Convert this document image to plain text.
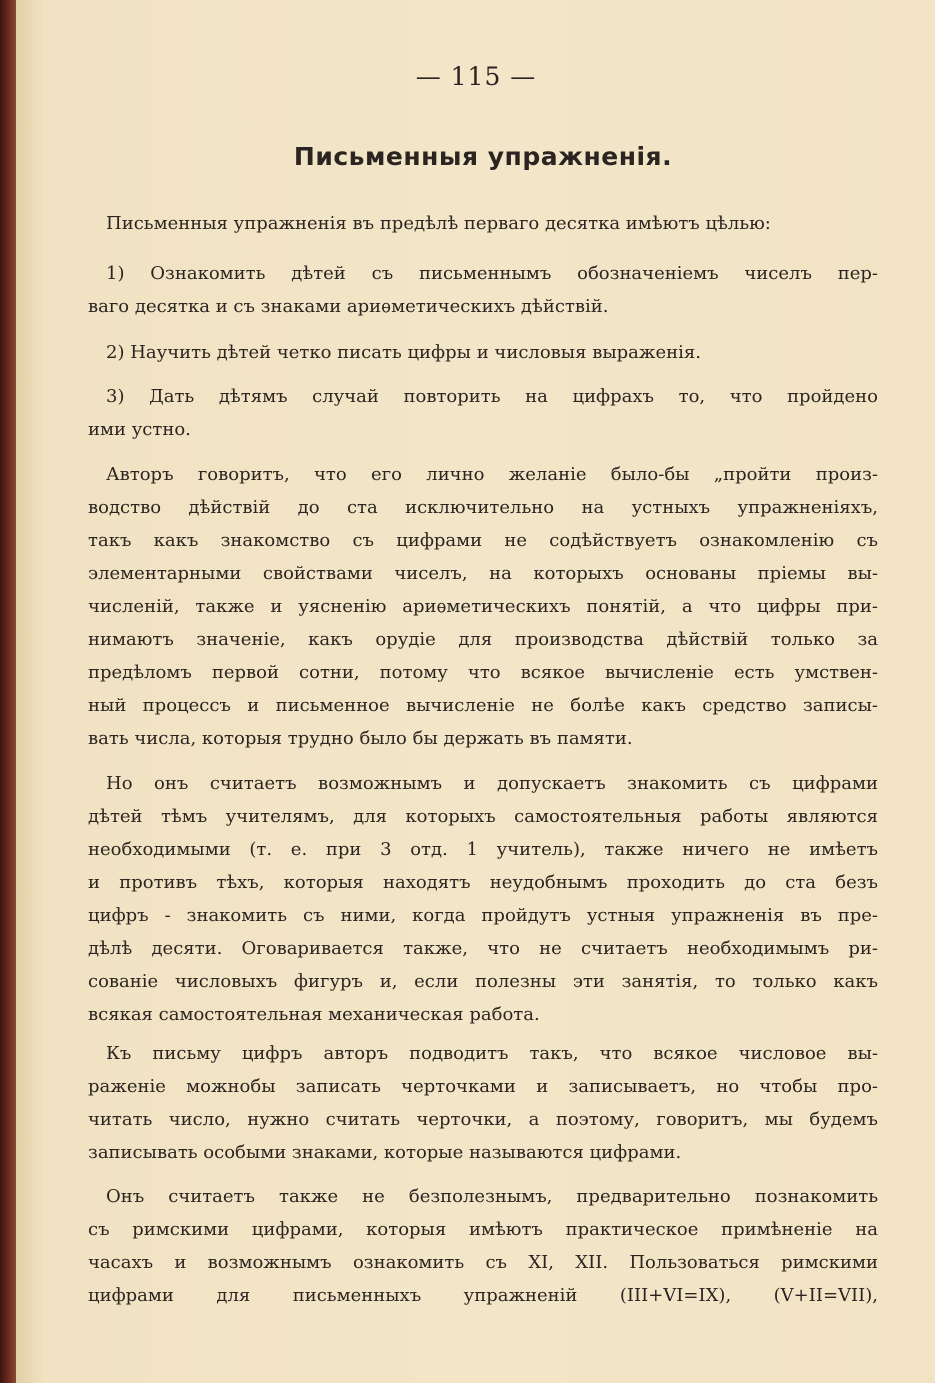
— 115 —
Письменныя упражненія.
Письменныя упражненія въ предѣлѣ перваго десятка имѣютъ цѣлью:
1) Ознакомить дѣтей съ письменнымъ обозначеніемъ чиселъ пер-
ваго десятка и съ знаками ариѳметическихъ дѣйствій.
2) Научить дѣтей четко писать цифры и числовыя выраженія.
3) Дать дѣтямъ случай повторить на цифрахъ то, что пройдено
ими устно.
Авторъ говоритъ, что его лично желаніе было-бы „пройти произ-
водство дѣйствій до ста исключительно на устныхъ упражненіяхъ,
такъ какъ знакомство съ цифрами не содѣйствуетъ ознакомленію съ
элементарными свойствами чиселъ, на которыхъ основаны пріемы вы-
численій, также и уясненію ариѳметическихъ понятій, а что цифры при-
нимаютъ значеніе, какъ орудіе для производства дѣйствій только за
предѣломъ первой сотни, потому что всякое вычисленіе есть умствен-
ный процессъ и письменное вычисленіе не болѣе какъ средство записы-
вать числа, которыя трудно было бы держать въ памяти.
Но онъ считаетъ возможнымъ и допускаетъ знакомить съ цифрами
дѣтей тѣмъ учителямъ, для которыхъ самостоятельныя работы являются
необходимыми (т. е. при 3 отд. 1 учитель), также ничего не имѣетъ
и противъ тѣхъ, которыя находятъ неудобнымъ проходить до ста безъ
цифръ - знакомить съ ними, когда пройдутъ устныя упражненія въ пре-
дѣлѣ десяти. Оговаривается также, что не считаетъ необходимымъ ри-
сованіе числовыхъ фигуръ и, если полезны эти занятія, то только какъ
всякая самостоятельная механическая работа.
Къ письму цифръ авторъ подводитъ такъ, что всякое числовое вы-
раженіе можнобы записать черточками и записываетъ, но чтобы про-
читать число, нужно считать черточки, а поэтому, говоритъ, мы будемъ
записывать особыми знаками, которые называются цифрами.
Онъ считаетъ также не безполезнымъ, предварительно познакомить
съ римскими цифрами, которыя имѣютъ практическое примѣненіе на
часахъ и возможнымъ ознакомить съ XI, XII. Пользоваться римскими
цифрами для письменныхъ упражненій (III+VI=IX), (V+II=VII),
